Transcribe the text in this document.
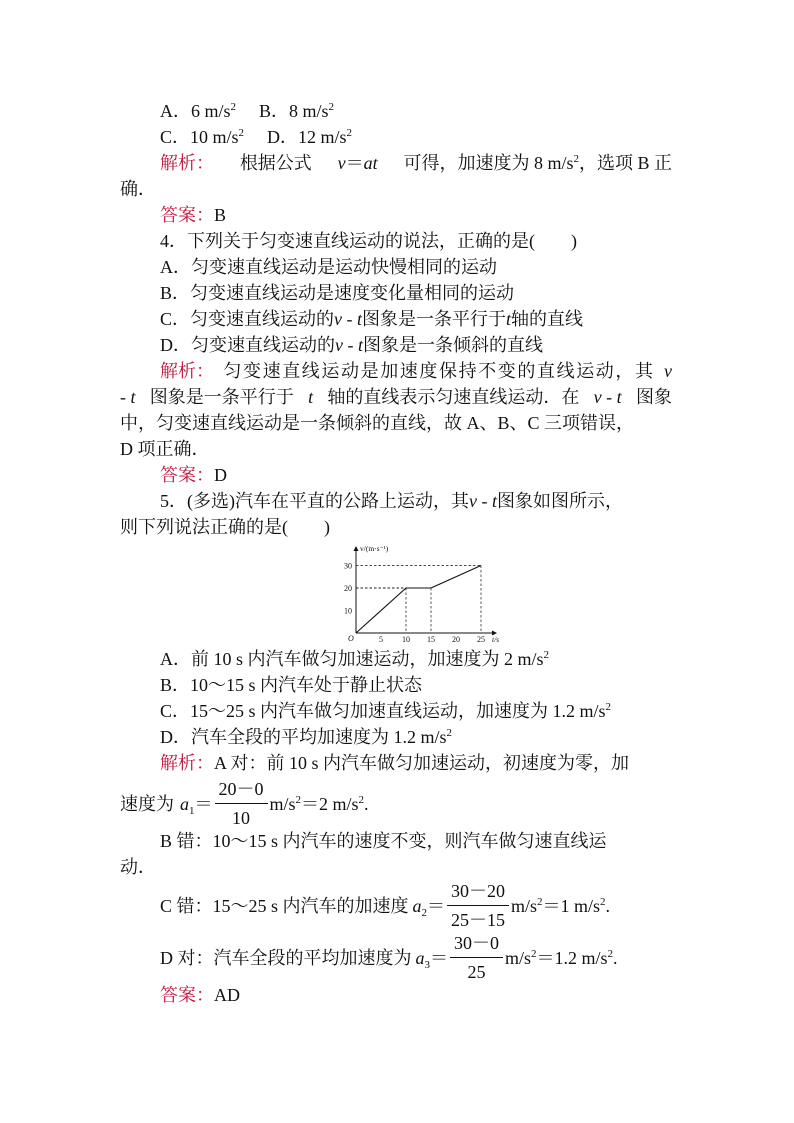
A．6 $m/s^2$ B．8 $m/s^2$
C．10 $m/s^2$ D．12 $m/s^2$
解析： 根据公式 v＝at 可得，加速度为 8 $m/s^2$，选项 B 正
确．
答案：B
4．下列关于匀变速直线运动的说法，正确的是(　　)
A．匀变速直线运动是运动快慢相同的运动
B．匀变速直线运动是速度变化量相同的运动
C．匀变速直线运动的v - t图象是一条平行于t轴的直线
D．匀变速直线运动的v - t图象是一条倾斜的直线
解析： 匀变速直线运动是加速度保持不变的直线运动，其 v
- t 图象是一条平行于 t 轴的直线表示匀速直线运动．在 v - t 图象
中，匀变速直线运动是一条倾斜的直线，故 A、B、C 三项错误，
D 项正确．
答案：D
5．(多选)汽车在平直的公路上运动，其v - t图象如图所示，
则下列说法正确的是(　　)
v/(m·s⁻¹)
t/s
O	5 10 15 20 25
10
20
30
A．前 10 s 内汽车做匀加速运动，加速度为 2 $m/s^2$
B．10～15 s 内汽车处于静止状态
C．15～25 s 内汽车做匀加速直线运动，加速度为 1.2 $m/s^2$
D．汽车全段的平均加速度为 1.2 $m/s^2$
解析：A 对：前 10 s 内汽车做匀加速运动，初速度为零，加
速度为 $a_1= \frac{20-0}{10} m/s^2=2$ $m/s^2$.
B 错：10～15 s 内汽车的速度不变，则汽车做匀速直线运
动．
C 错：15～25 s 内汽车的加速度 $a_2= \frac{30-20}{25-15} m/s^2=1$ $m/s^2$.
D 对：汽车全段的平均加速度为 $a_3= \frac{30-0}{25} m/s^2=1.2$ $m/s^2$.
答案：AD
